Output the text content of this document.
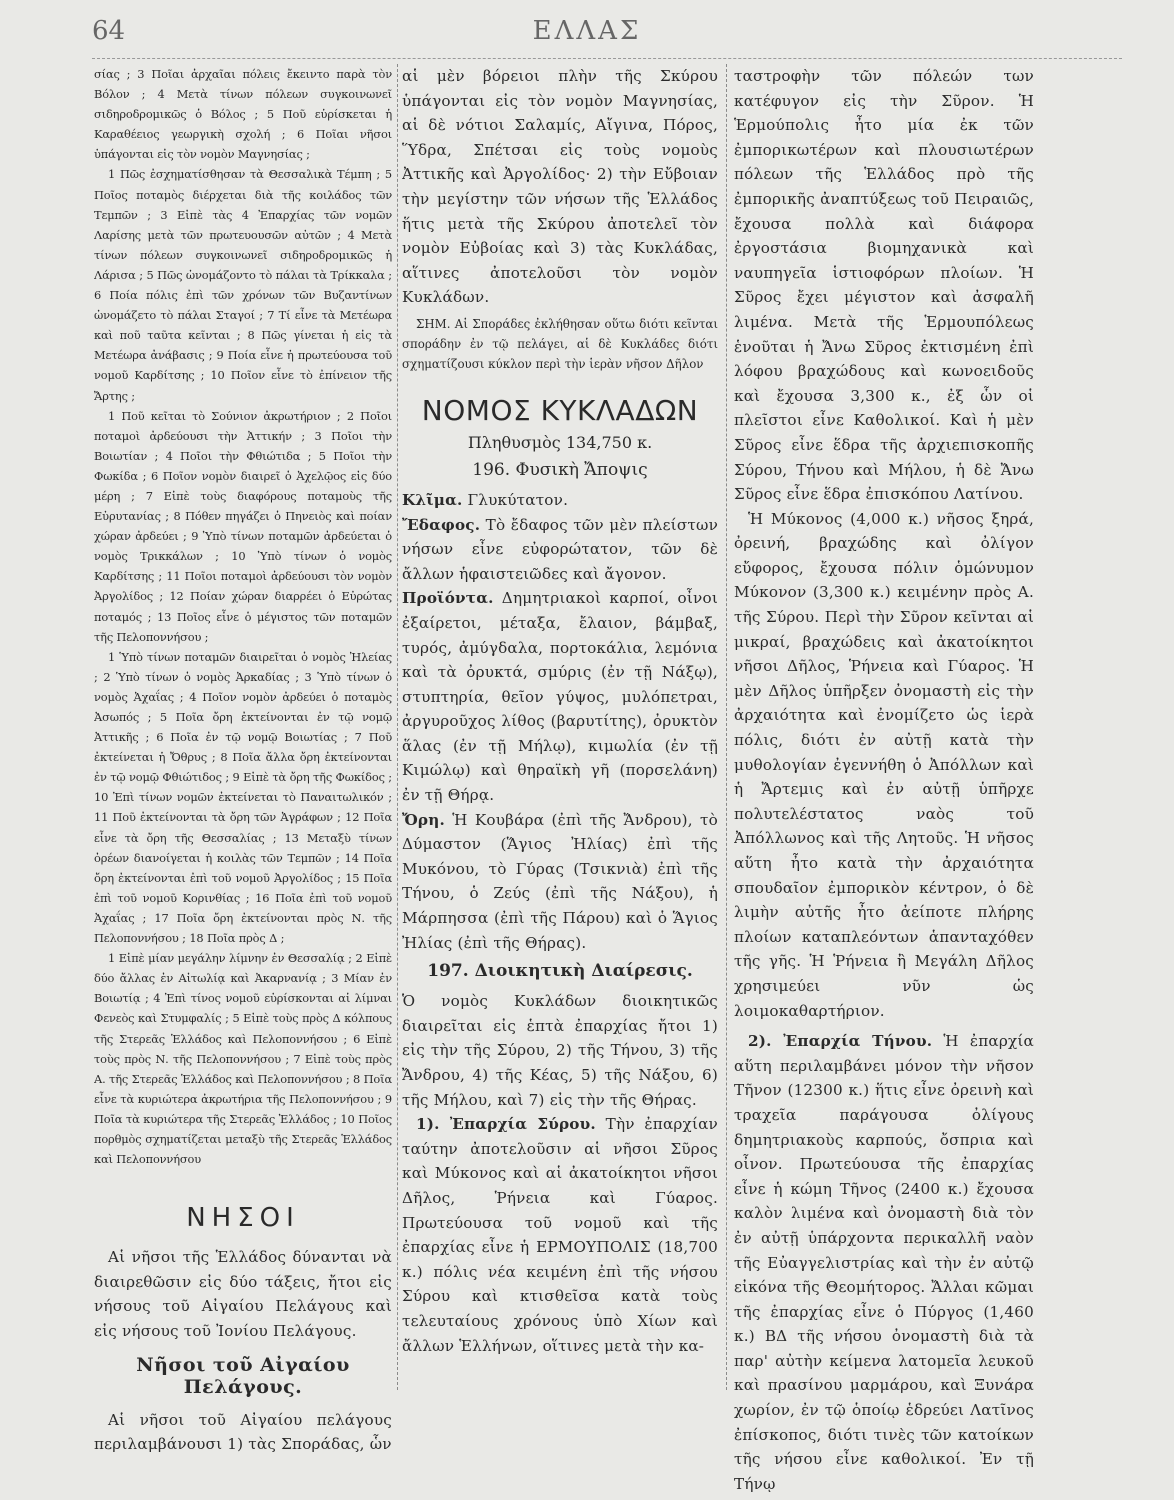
ΕΛΛΑΣ
64

σίας ; 3 Ποῖαι ἀρχαῖαι πόλεις ἔκειντο παρὰ τὸν Βόλον ; 4 Μετὰ τίνων πόλεων συγκοινωνεῖ σιδηροδρομικῶς ὁ Βόλος ; 5 Ποῦ εὑρίσκεται ἡ Καραθέειος γεωργικὴ σχολή ; 6 Ποῖαι νῆσοι ὑπάγονται εἰς τὸν νομὸν Μαγνησίας ;

1 Πῶς ἐσχηματίσθησαν τὰ Θεσσαλικὰ Τέμπη ; 5 Ποῖος ποταμὸς διέρχεται διὰ τῆς κοιλάδος τῶν Τεμπῶν ; 3 Εἰπὲ τὰς 4 Ἐπαρχίας τῶν νομῶν Λαρίσης μετὰ τῶν πρωτευουσῶν αὐτῶν ; 4 Μετὰ τίνων πόλεων συγκοινωνεῖ σιδηροδρομικῶς ἡ Λάρισα ; 5 Πῶς ὠνομάζοντο τὸ πάλαι τὰ Τρίκκαλα ; 6 Ποία πόλις ἐπὶ τῶν χρόνων τῶν Βυζαντίνων ὠνομάζετο τὸ πάλαι Σταγοί ; 7 Τί εἶνε τὰ Μετέωρα καὶ ποῦ ταῦτα κεῖνται ; 8 Πῶς γίνεται ἡ εἰς τὰ Μετέωρα ἀνάβασις ; 9 Ποία εἶνε ἡ πρωτεύουσα τοῦ νομοῦ Καρδίτσης ; 10 Ποῖον εἶνε τὸ ἐπίνειον τῆς Ἄρτης ;

1 Ποῦ κεῖται τὸ Σούνιον ἀκρωτήριον ; 2 Ποῖοι ποταμοὶ ἀρδεύουσι τὴν Ἀττικήν ; 3 Ποῖοι τὴν Βοιωτίαν ; 4 Ποῖοι τὴν Φθιώτιδα ; 5 Ποῖοι τὴν Φωκίδα ; 6 Ποῖον νομὸν διαιρεῖ ὁ Ἀχελῷος εἰς δύο μέρη ; 7 Εἰπὲ τοὺς διαφόρους ποταμοὺς τῆς Εὐρυτανίας ; 8 Πόθεν πηγάζει ὁ Πηνειὸς καὶ ποίαν χώραν ἀρδεύει ; 9 Ὑπὸ τίνων ποταμῶν ἀρδεύεται ὁ νομὸς Τρικκάλων ; 10 Ὑπὸ τίνων ὁ νομὸς Καρδίτσης ; 11 Ποῖοι ποταμοὶ ἀρδεύουσι τὸν νομὸν Ἀργολίδος ; 12 Ποίαν χώραν διαρρέει ὁ Εὐρώτας ποταμός ; 13 Ποῖος εἶνε ὁ μέγιστος τῶν ποταμῶν τῆς Πελοποννήσου ;

1 Ὑπὸ τίνων ποταμῶν διαιρεῖται ὁ νομὸς Ἠλείας ; 2 Ὑπὸ τίνων ὁ νομὸς Ἀρκαδίας ; 3 Ὑπὸ τίνων ὁ νομὸς Ἀχαΐας ; 4 Ποῖον νομὸν ἀρδεύει ὁ ποταμὸς Ἀσωπός ; 5 Ποῖα ὄρη ἐκτείνονται ἐν τῷ νομῷ Ἀττικῆς ; 6 Ποῖα ἐν τῷ νομῷ Βοιωτίας ; 7 Ποῦ ἐκτείνεται ἡ Ὄθρυς ; 8 Ποῖα ἄλλα ὄρη ἐκτείνονται ἐν τῷ νομῷ Φθιώτιδος ; 9 Εἰπὲ τὰ ὄρη τῆς Φωκίδος ; 10 Ἐπὶ τίνων νομῶν ἐκτείνεται τὸ Παναιτωλικόν ; 11 Ποῦ ἐκτείνονται τὰ ὄρη τῶν Ἀγράφων ; 12 Ποῖα εἶνε τὰ ὄρη τῆς Θεσσαλίας ; 13 Μεταξὺ τίνων ὀρέων διανοίγεται ἡ κοιλὰς τῶν Τεμπῶν ; 14 Ποῖα ὄρη ἐκτείνονται ἐπὶ τοῦ νομοῦ Ἀργολίδος ; 15 Ποῖα ἐπὶ τοῦ νομοῦ Κορινθίας ; 16 Ποῖα ἐπὶ τοῦ νομοῦ Ἀχαΐας ; 17 Ποῖα ὄρη ἐκτείνονται πρὸς Ν. τῆς Πελοποννήσου ; 18 Ποῖα πρὸς Δ ;

1 Εἰπὲ μίαν μεγάλην λίμνην ἐν Θεσσαλίᾳ ; 2 Εἰπὲ δύο ἄλλας ἐν Αἰτωλίᾳ καὶ Ἀκαρνανίᾳ ; 3 Μίαν ἐν Βοιωτίᾳ ; 4 Ἐπὶ τίνος νομοῦ εὑρίσκονται αἱ λίμναι Φενεὸς καὶ Στυμφαλίς ; 5 Εἰπὲ τοὺς πρὸς Δ κόλπους τῆς Στερεᾶς Ἑλλάδος καὶ Πελοποννήσου ; 6 Εἰπὲ τοὺς πρὸς Ν. τῆς Πελοποννήσου ; 7 Εἰπὲ τοὺς πρὸς Α. τῆς Στερεᾶς Ἑλλάδος καὶ Πελοποννήσου ; 8 Ποῖα εἶνε τὰ κυριώτερα ἀκρωτήρια τῆς Πελοποννήσου ; 9 Ποῖα τὰ κυριώτερα τῆς Στερεᾶς Ἑλλάδος ; 10 Ποῖος πορθμὸς σχηματίζεται μεταξὺ τῆς Στερεᾶς Ἑλλάδος καὶ Πελοποννήσου

ΝΗΣΟΙ

Αἱ νῆσοι τῆς Ἑλλάδος δύνανται νὰ διαιρεθῶσιν εἰς δύο τάξεις, ἤτοι εἰς νήσους τοῦ Αἰγαίου Πελάγους καὶ εἰς νήσους τοῦ Ἰονίου Πελάγους.

Νῆσοι τοῦ Αἰγαίου Πελάγους.

Αἱ νῆσοι τοῦ Αἰγαίου πελάγους περιλαμβάνουσι 1) τὰς Σποράδας, ὧν

αἱ μὲν βόρειοι πλὴν τῆς Σκύρου ὑπάγονται εἰς τὸν νομὸν Μαγνησίας, αἱ δὲ νότιοι Σαλαμίς, Αἴγινα, Πόρος, Ὕδρα, Σπέτσαι εἰς τοὺς νομοὺς Ἀττικῆς καὶ Ἀργολίδος· 2) τὴν Εὔβοιαν τὴν μεγίστην τῶν νήσων τῆς Ἑλλάδος ἥτις μετὰ τῆς Σκύρου ἀποτελεῖ τὸν νομὸν Εὐβοίας καὶ 3) τὰς Κυκλάδας, αἵτινες ἀποτελοῦσι τὸν νομὸν Κυκλάδων.

ΣΗΜ. Αἱ Σποράδες ἐκλήθησαν οὕτω διότι κεῖνται σποράδην ἐν τῷ πελάγει, αἱ δὲ Κυκλάδες διότι σχηματίζουσι κύκλον περὶ τὴν ἱερὰν νῆσον Δῆλον

ΝΟΜΟΣ ΚΥΚΛΑΔΩΝ
Πληθυσμὸς 134,750 κ.
196. Φυσικὴ Ἄποψις

Κλῖμα. Γλυκύτατον.

Ἔδαφος. Τὸ ἔδαφος τῶν μὲν πλείστων νήσων εἶνε εὐφορώτατον, τῶν δὲ ἄλλων ἡφαιστειῶδες καὶ ἄγονον.

Προϊόντα. Δημητριακοὶ καρποί, οἶνοι ἐξαίρετοι, μέταξα, ἔλαιον, βάμβαξ, τυρός, ἀμύγδαλα, πορτοκάλια, λεμόνια καὶ τὰ ὀρυκτά, σμύρις (ἐν τῇ Νάξῳ), στυπτηρία, θεῖον γύψος, μυλόπετραι, ἀργυροῦχος λίθος (βαρυτίτης), ὀρυκτὸν ἅλας (ἐν τῇ Μήλῳ), κιμωλία (ἐν τῇ Κιμώλῳ) καὶ θηραϊκὴ γῆ (πορσελάνη) ἐν τῇ Θήρᾳ.

Ὄρη. Ἡ Κουβάρα (ἐπὶ τῆς Ἄνδρου), τὸ Δύμαστον (Ἅγιος Ἠλίας) ἐπὶ τῆς Μυκόνου, τὸ Γύρας (Τσικνιὰ) ἐπὶ τῆς Τήνου, ὁ Ζεύς (ἐπὶ τῆς Νάξου), ἡ Μάρπησσα (ἐπὶ τῆς Πάρου) καὶ ὁ Ἅγιος Ἠλίας (ἐπὶ τῆς Θήρας).

197. Διοικητικὴ Διαίρεσις.

Ὁ νομὸς Κυκλάδων διοικητικῶς διαιρεῖται εἰς ἑπτὰ ἐπαρχίας ἤτοι 1) εἰς τὴν τῆς Σύρου, 2) τῆς Τήνου, 3) τῆς Ἄνδρου, 4) τῆς Κέας, 5) τῆς Νάξου, 6) τῆς Μήλου, καὶ 7) εἰς τὴν τῆς Θήρας.

1). Ἐπαρχία Σύρου. Τὴν ἐπαρχίαν ταύτην ἀποτελοῦσιν αἱ νῆσοι Σῦρος καὶ Μύκονος καὶ αἱ ἀκατοίκητοι νῆσοι Δῆλος, Ῥήνεια καὶ Γύαρος. Πρωτεύουσα τοῦ νομοῦ καὶ τῆς ἐπαρχίας εἶνε ἡ ΕΡΜΟΥΠΟΛΙΣ (18,700 κ.) πόλις νέα κειμένη ἐπὶ τῆς νήσου Σύρου καὶ κτισθεῖσα κατὰ τοὺς τελευταίους χρόνους ὑπὸ Χίων καὶ ἄλλων Ἑλλήνων, οἵτινες μετὰ τὴν κα-

ταστροφὴν τῶν πόλεών των κατέφυγον εἰς τὴν Σῦρον. Ἡ Ἑρμούπολις ἦτο μία ἐκ τῶν ἐμπορικωτέρων καὶ πλουσιωτέρων πόλεων τῆς Ἑλλάδος πρὸ τῆς ἐμπορικῆς ἀναπτύξεως τοῦ Πειραιῶς, ἔχουσα πολλὰ καὶ διάφορα ἐργοστάσια βιομηχανικὰ καὶ ναυπηγεῖα ἱστιοφόρων πλοίων. Ἡ Σῦρος ἔχει μέγιστον καὶ ἀσφαλῆ λιμένα. Μετὰ τῆς Ἑρμουπόλεως ἑνοῦται ἡ Ἄνω Σῦρος ἐκτισμένη ἐπὶ λόφου βραχώδους καὶ κωνοειδοῦς καὶ ἔχουσα 3,300 κ., ἐξ ὧν οἱ πλεῖστοι εἶνε Καθολικοί. Καὶ ἡ μὲν Σῦρος εἶνε ἕδρα τῆς ἀρχιεπισκοπῆς Σύρου, Τήνου καὶ Μήλου, ἡ δὲ Ἄνω Σῦρος εἶνε ἕδρα ἐπισκόπου Λατίνου.

Ἡ Μύκονος (4,000 κ.) νῆσος ξηρά, ὀρεινή, βραχώδης καὶ ὀλίγον εὔφορος, ἔχουσα πόλιν ὁμώνυμον Μύκονον (3,300 κ.) κειμένην πρὸς Α. τῆς Σύρου. Περὶ τὴν Σῦρον κεῖνται αἱ μικραί, βραχώδεις καὶ ἀκατοίκητοι νῆσοι Δῆλος, Ῥήνεια καὶ Γύαρος. Ἡ μὲν Δῆλος ὑπῆρξεν ὀνομαστὴ εἰς τὴν ἀρχαιότητα καὶ ἐνομίζετο ὡς ἱερὰ πόλις, διότι ἐν αὐτῇ κατὰ τὴν μυθολογίαν ἐγεννήθη ὁ Ἀπόλλων καὶ ἡ Ἄρτεμις καὶ ἐν αὐτῇ ὑπῆρχε πολυτελέστατος ναὸς τοῦ Ἀπόλλωνος καὶ τῆς Λητοῦς. Ἡ νῆσος αὕτη ἦτο κατὰ τὴν ἀρχαιότητα σπουδαῖον ἐμπορικὸν κέντρον, ὁ δὲ λιμὴν αὐτῆς ἦτο ἀείποτε πλήρης πλοίων καταπλεόντων ἁπανταχόθεν τῆς γῆς. Ἡ Ῥήνεια ἢ Μεγάλη Δῆλος χρησιμεύει νῦν ὡς λοιμοκαθαρτήριον.

2). Ἐπαρχία Τήνου. Ἡ ἐπαρχία αὕτη περιλαμβάνει μόνον τὴν νῆσον Τῆνον (12300 κ.) ἥτις εἶνε ὀρεινὴ καὶ τραχεῖα παράγουσα ὀλίγους δημητριακοὺς καρπούς, ὄσπρια καὶ οἶνον. Πρωτεύουσα τῆς ἐπαρχίας εἶνε ἡ κώμη Τῆνος (2400 κ.) ἔχουσα καλὸν λιμένα καὶ ὀνομαστὴ διὰ τὸν ἐν αὐτῇ ὑπάρχοντα περικαλλῆ ναὸν τῆς Εὐαγγελιστρίας καὶ τὴν ἐν αὐτῷ εἰκόνα τῆς Θεομήτορος. Ἄλλαι κῶμαι τῆς ἐπαρχίας εἶνε ὁ Πύργος (1,460 κ.) ΒΔ τῆς νήσου ὀνομαστὴ διὰ τὰ παρ' αὐτὴν κείμενα λατομεῖα λευκοῦ καὶ πρασίνου μαρμάρου, καὶ Ξυνάρα χωρίον, ἐν τῷ ὁποίῳ ἑδρεύει Λατῖνος ἐπίσκοπος, διότι τινὲς τῶν κατοίκων τῆς νήσου εἶνε καθολικοί. Ἐν τῇ Τήνῳ
